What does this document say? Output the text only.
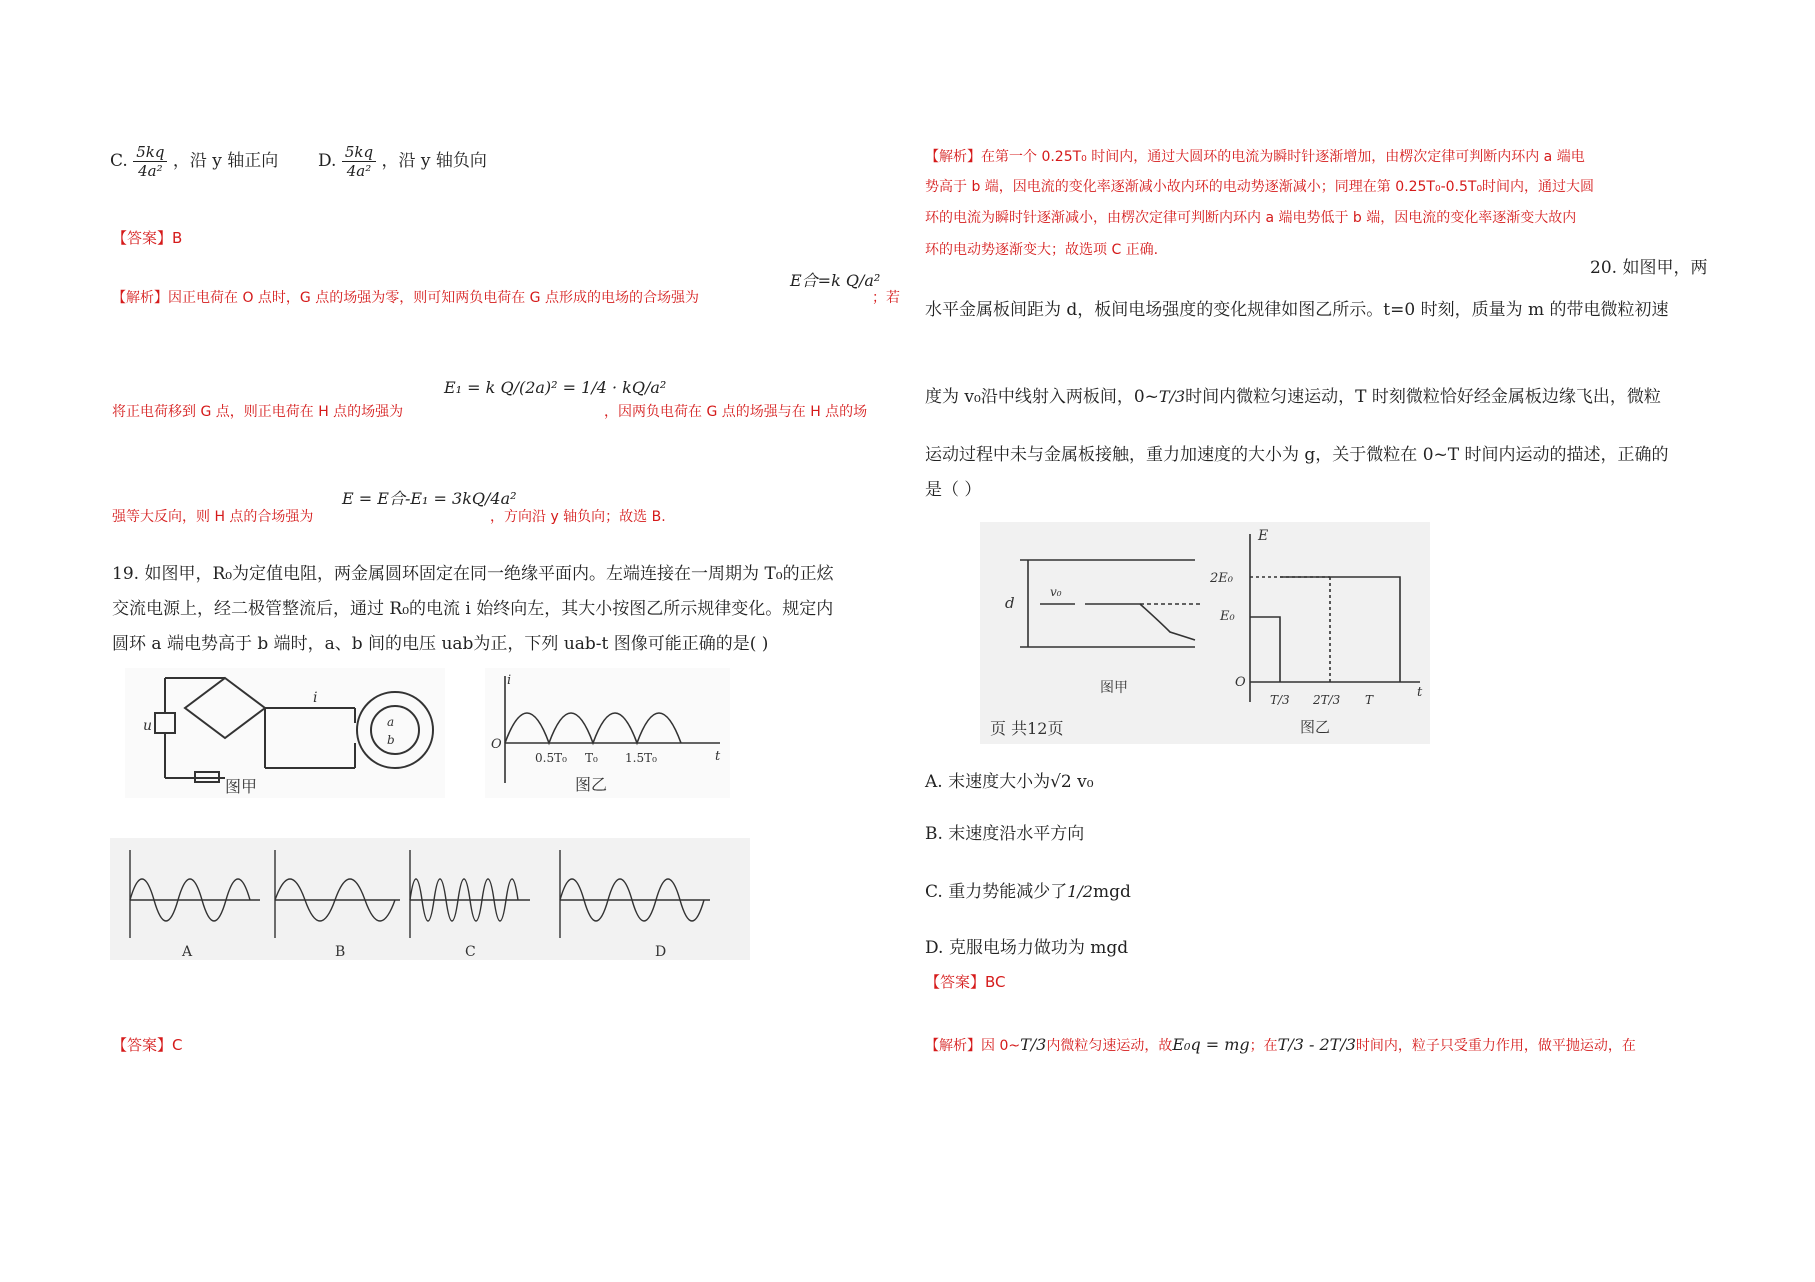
C. $\frac{5kq}{\text{4a²}}$ ，沿 y 轴正向 D. $\frac{5kq}{\text{4a²}}$ ，沿 y 轴负向
【答案】B
【解析】因正电荷在 O 点时，G 点的场强为零，则可知两负电荷在 G 点形成的电场的合场强为
E合=k Q/a²
；若
将正电荷移到 G 点，则正电荷在 H 点的场强为
E₁ = k Q/(2a)² = 1/4 · kQ/a²
，因两负电荷在 G 点的场强与在 H 点的场
强等大反向，则 H 点的合场强为
E = E合-E₁ = 3kQ/4a²
，方向沿 y 轴负向；故选 B.
19. 如图甲，R₀为定值电阻，两金属圆环固定在同一绝缘平面内。左端连接在一周期为 T₀的正炫
交流电源上，经二极管整流后，通过 R₀的电流 i 始终向左，其大小按图乙所示规律变化。规定内
圆环 a 端电势高于 b 端时，a、b 间的电压 uab为正，下列 uab-t 图像可能正确的是( )
u
i
a
b
图甲
i
O
t
0.5T₀ T₀ 1.5T₀
图乙
A	B	C	D
【答案】C
【解析】在第一个 0.25T₀ 时间内，通过大圆环的电流为瞬时针逐渐增加，由楞次定律可判断内环内 a 端电
势高于 b 端，因电流的变化率逐渐减小故内环的电动势逐渐减小；同理在第 0.25T₀-0.5T₀时间内，通过大圆
环的电流为瞬时针逐渐减小，由楞次定律可判断内环内 a 端电势低于 b 端，因电流的变化率逐渐变大故内
环的电动势逐渐变大；故选项 C 正确.
20. 如图甲，两
水平金属板间距为 d，板间电场强度的变化规律如图乙所示。t=0 时刻，质量为 m 的带电微粒初速
度为 v₀沿中线射入两板间，0~T/3时间内微粒匀速运动，T 时刻微粒恰好经金属板边缘飞出，微粒
运动过程中未与金属板接触，重力加速度的大小为 g，关于微粒在 0~T 时间内运动的描述，正确的
是（ ）
d
v₀
E
2E₀
E₀
O
T/3 2T/3 T	t
图甲
图乙
页 共12页
A. 末速度大小为√2 v₀
B. 末速度沿水平方向
C. 重力势能减少了1/2mgd
D. 克服电场力做功为 mgd
【答案】BC
【解析】因 0~T/3内微粒匀速运动，故E₀q = mg；在T/3 - 2T/3时间内，粒子只受重力作用，做平抛运动，在
